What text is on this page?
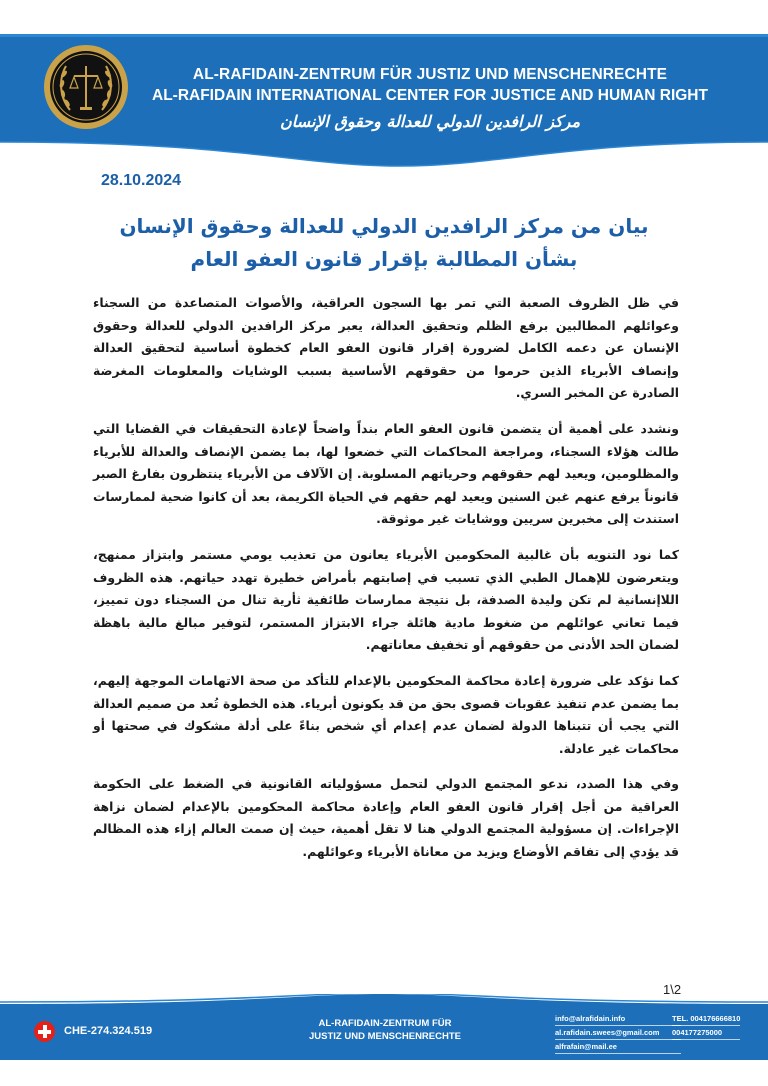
AL-RAFIDAIN-ZENTRUM FÜR JUSTIZ UND MENSCHENRECHTE
AL-RAFIDAIN INTERNATIONAL CENTER FOR JUSTICE AND HUMAN RIGHT
مركز الرافدين الدولي للعدالة وحقوق الإنسان
28.10.2024
بيان من مركز الرافدين الدولي للعدالة وحقوق الإنسان
بشأن المطالبة بإقرار قانون العفو العام

في ظل الظروف الصعبة التي تمر بها السجون العراقية، والأصوات المتصاعدة من السجناء وعوائلهم المطالبين برفع الظلم وتحقيق العدالة، يعبر مركز الرافدين الدولي للعدالة وحقوق الإنسان عن دعمه الكامل لضرورة إقرار قانون العفو العام كخطوة أساسية لتحقيق العدالة وإنصاف الأبرياء الذين حرموا من حقوقهم الأساسية بسبب الوشايات والمعلومات المغرضة الصادرة عن المخبر السري.

ونشدد على أهمية أن يتضمن قانون العفو العام بنداً واضحاً لإعادة التحقيقات في القضايا التي طالت هؤلاء السجناء، ومراجعة المحاكمات التي خضعوا لها، بما يضمن الإنصاف والعدالة للأبرياء والمظلومين، ويعيد لهم حقوقهم وحرياتهم المسلوبة. إن الآلاف من الأبرياء ينتظرون بفارغ الصبر قانوناً يرفع عنهم غبن السنين ويعيد لهم حقهم في الحياة الكريمة، بعد أن كانوا ضحية لممارسات استندت إلى مخبرين سريين ووشايات غير موثوقة.

كما نود التنويه بأن غالبية المحكومين الأبرياء يعانون من تعذيب يومي مستمر وابتزاز ممنهج، ويتعرضون للإهمال الطبي الذي تسبب في إصابتهم بأمراض خطيرة تهدد حياتهم. هذه الظروف اللاإنسانية لم تكن وليدة الصدفة، بل نتيجة ممارسات طائفية ثأرية تنال من السجناء دون تمييز، فيما تعاني عوائلهم من ضغوط مادية هائلة جراء الابتزاز المستمر، لتوفير مبالغ مالية باهظة لضمان الحد الأدنى من حقوقهم أو تخفيف معاناتهم.

كما نؤكد على ضرورة إعادة محاكمة المحكومين بالإعدام للتأكد من صحة الاتهامات الموجهة إليهم، بما يضمن عدم تنفيذ عقوبات قصوى بحق من قد يكونون أبرياء. هذه الخطوة تُعد من صميم العدالة التي يجب أن تتبناها الدولة لضمان عدم إعدام أي شخص بناءً على أدلة مشكوك في صحتها أو محاكمات غير عادلة.

وفي هذا الصدد، ندعو المجتمع الدولي لتحمل مسؤولياته القانونية في الضغط على الحكومة العراقية من أجل إقرار قانون العفو العام وإعادة محاكمة المحكومين بالإعدام لضمان نزاهة الإجراءات. إن مسؤولية المجتمع الدولي هنا لا تقل أهمية، حيث إن صمت العالم إزاء هذه المظالم قد يؤدي إلى تفاقم الأوضاع ويزيد من معاناة الأبرياء وعوائلهم.

1\2
CHE-274.324.519
AL-RAFIDAIN-ZENTRUM FÜR
JUSTIZ UND MENSCHENRECHTE
info@alrafidain.info
al.rafidain.swees@gmail.com
alfrafain@mail.ee
TEL. 004176666810
004177275000
